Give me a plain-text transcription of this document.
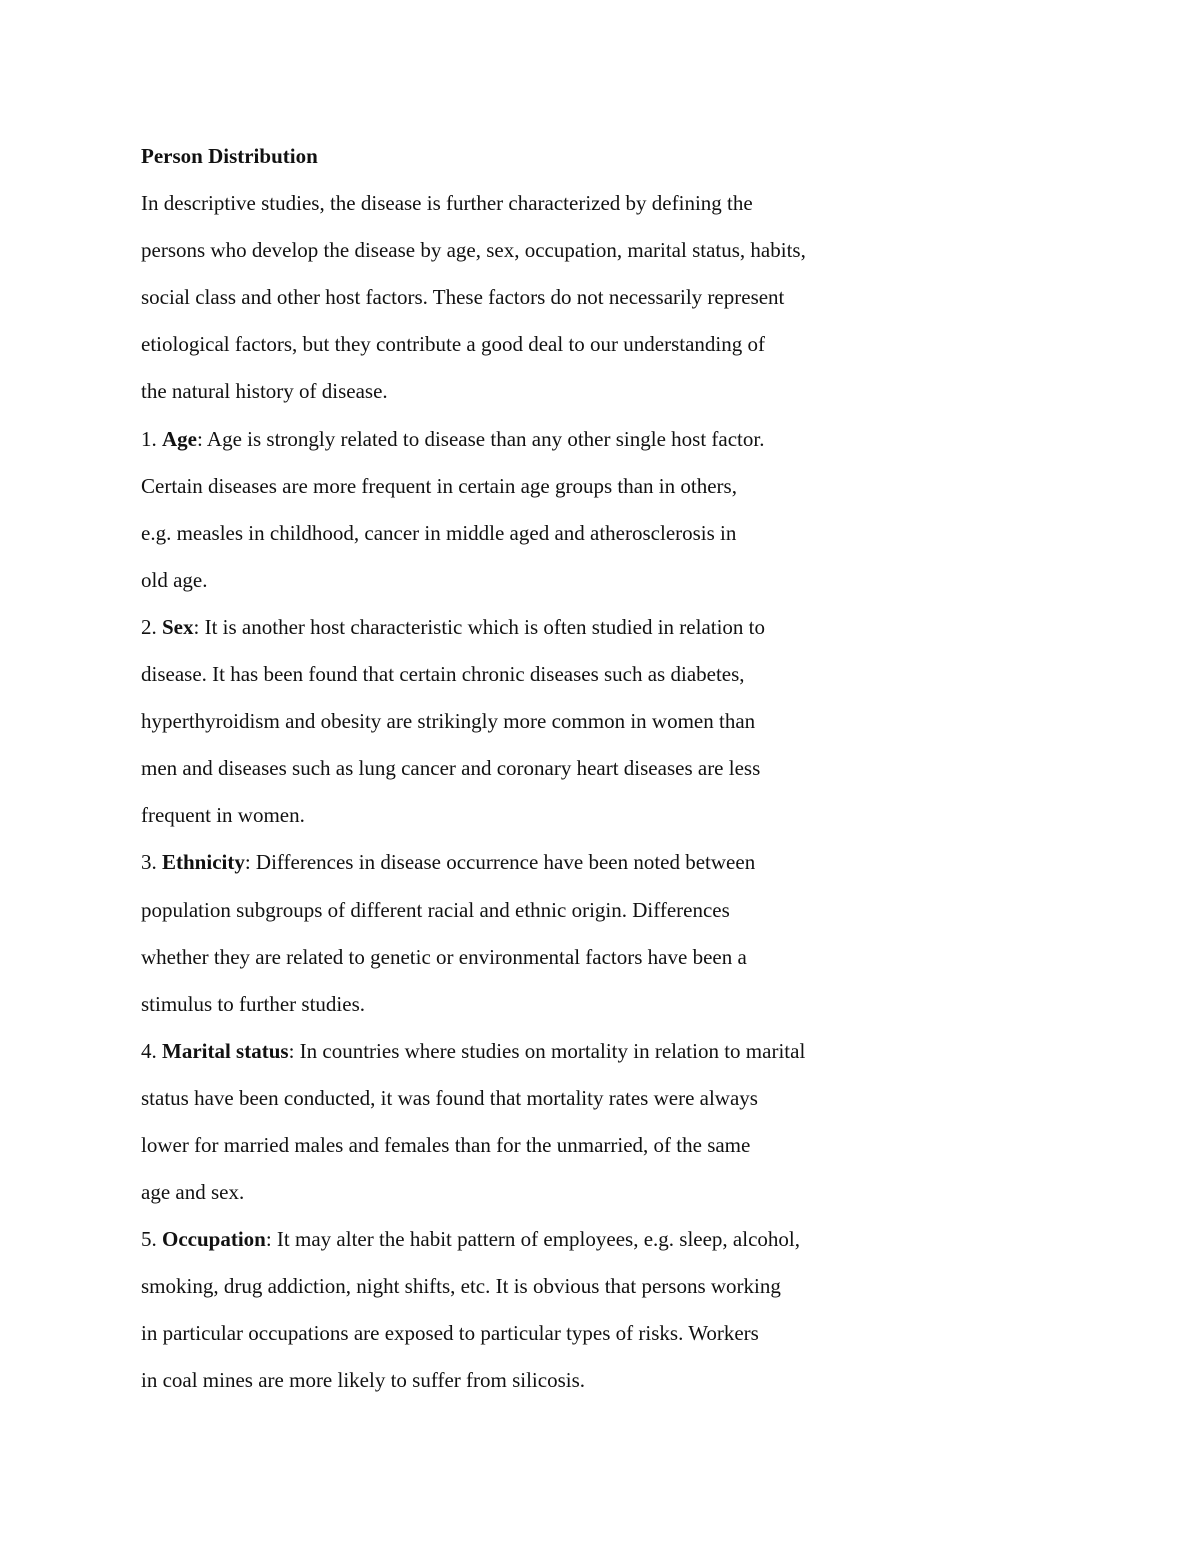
Person Distribution
In descriptive studies, the disease is further characterized by defining the
persons who develop the disease by age, sex, occupation, marital status, habits,
social class and other host factors. These factors do not necessarily represent
etiological factors, but they contribute a good deal to our understanding of
the natural history of disease.
1. Age: Age is strongly related to disease than any other single host factor.
Certain diseases are more frequent in certain age groups than in others,
e.g. measles in childhood, cancer in middle aged and atherosclerosis in
old age.
2. Sex: It is another host characteristic which is often studied in relation to
disease. It has been found that certain chronic diseases such as diabetes,
hyperthyroidism and obesity are strikingly more common in women than
men and diseases such as lung cancer and coronary heart diseases are less
frequent in women.
3. Ethnicity: Differences in disease occurrence have been noted between
population subgroups of different racial and ethnic origin. Differences
whether they are related to genetic or environmental factors have been a
stimulus to further studies.
4. Marital status: In countries where studies on mortality in relation to marital
status have been conducted, it was found that mortality rates were always
lower for married males and females than for the unmarried, of the same
age and sex.
5. Occupation: It may alter the habit pattern of employees, e.g. sleep, alcohol,
smoking, drug addiction, night shifts, etc. It is obvious that persons working
in particular occupations are exposed to particular types of risks. Workers
in coal mines are more likely to suffer from silicosis.
